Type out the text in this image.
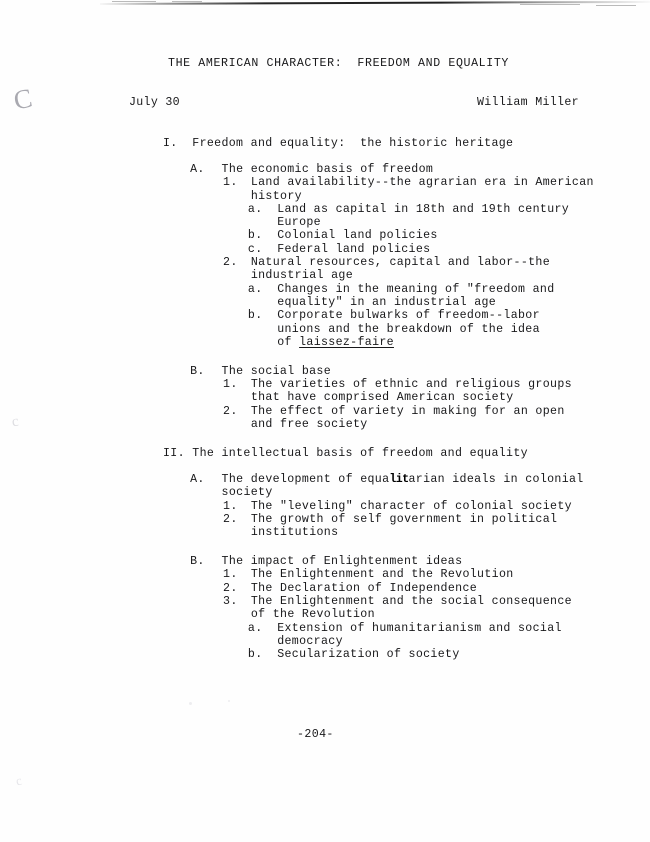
C
c
c
THE AMERICAN CHARACTER:  FREEDOM AND EQUALITY
July 30	William Miller
I. Freedom and equality:  the historic heritage
A. The economic basis of freedom
1. Land availability--the agrarian era in American
history
a. Land as capital in 18th and 19th century
Europe
b. Colonial land policies
c. Federal land policies
2. Natural resources, capital and labor--the
industrial age
a. Changes in the meaning of "freedom and
equality" in an industrial age
b. Corporate bulwarks of freedom--labor
unions and the breakdown of the idea
of laissez-faire
B. The social base
1. The varieties of ethnic and religious groups
that have comprised American society
2. The effect of variety in making for an open
and free society
II. The intellectual basis of freedom and equality
A. The development of equalitarian ideals in colonial
society
1. The "leveling" character of colonial society
2. The growth of self government in political
institutions
B. The impact of Enlightenment ideas
1. The Enlightenment and the Revolution
2. The Declaration of Independence
3. The Enlightenment and the social consequence
of the Revolution
a. Extension of humanitarianism and social
democracy
b. Secularization of society
-204-
